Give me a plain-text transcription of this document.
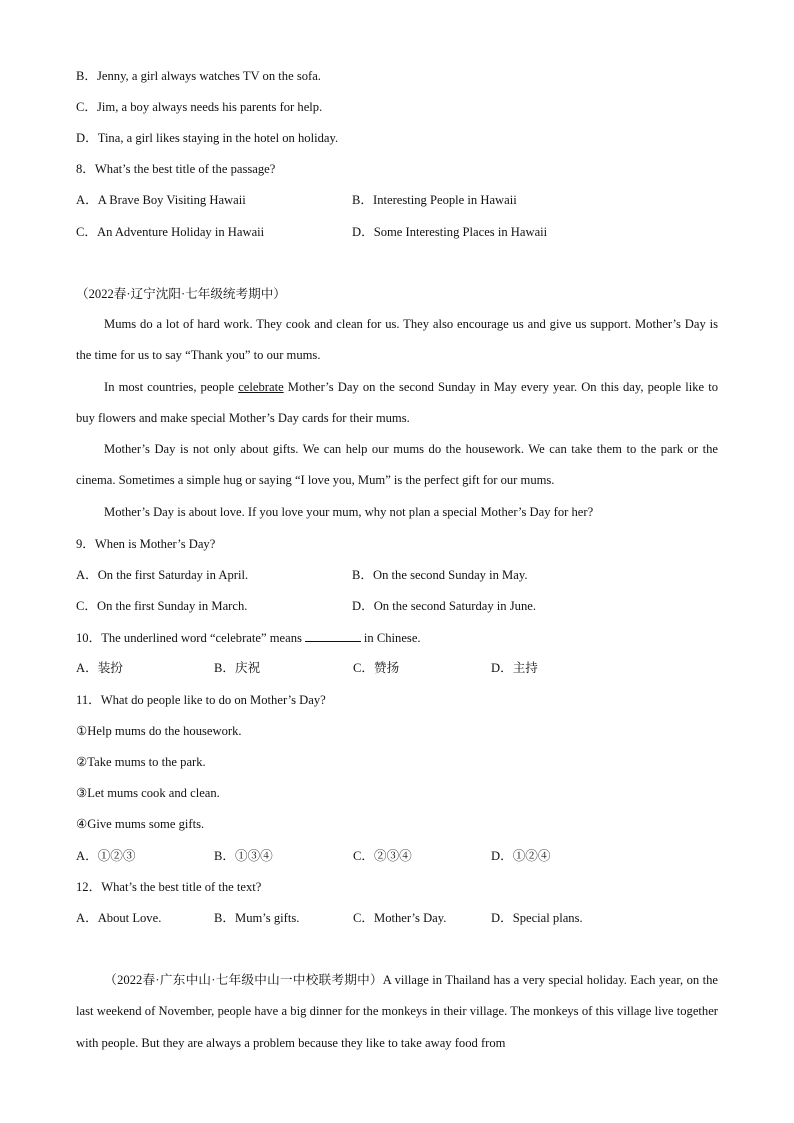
B．Jenny, a girl always watches TV on the sofa.
C．Jim, a boy always needs his parents for help.
D．Tina, a girl likes staying in the hotel on holiday.
8．What’s the best title of the passage?
A．A Brave Boy Visiting Hawaii	B．Interesting People in Hawaii
C．An Adventure Holiday in Hawaii	D．Some Interesting Places in Hawaii
（2022春·辽宁沈阳·七年级统考期中）
Mums do a lot of hard work. They cook and clean for us. They also encourage us and give us support. Mother’s Day is the time for us to say “Thank you” to our mums.
In most countries, people celebrate Mother’s Day on the second Sunday in May every year. On this day, people like to buy flowers and make special Mother’s Day cards for their mums.
Mother’s Day is not only about gifts. We can help our mums do the housework. We can take them to the park or the cinema. Sometimes a simple hug or saying “I love you, Mum” is the perfect gift for our mums.
Mother’s Day is about love. If you love your mum, why not plan a special Mother’s Day for her?
9．When is Mother’s Day?
A．On the first Saturday in April.	B．On the second Sunday in May.
C．On the first Sunday in March.	D．On the second Saturday in June.
10．The underlined word “celebrate” means	in Chinese.
A．装扮	B．庆祝	C．赞扬	D．主持
11．What do people like to do on Mother’s Day?
①Help mums do the housework.
②Take mums to the park.
③Let mums cook and clean.
④Give mums some gifts.
A．①②③	B．①③④	C．②③④	D．①②④
12．What’s the best title of the text?
A．About Love.	B．Mum’s gifts.	C．Mother’s Day.	D．Special plans.
（2022春·广东中山·七年级中山一中校联考期中）A village in Thailand has a very special holiday. Each year, on the last weekend of November, people have a big dinner for the monkeys in their village. The monkeys of this village live together with people. But they are always a problem because they like to take away food from
